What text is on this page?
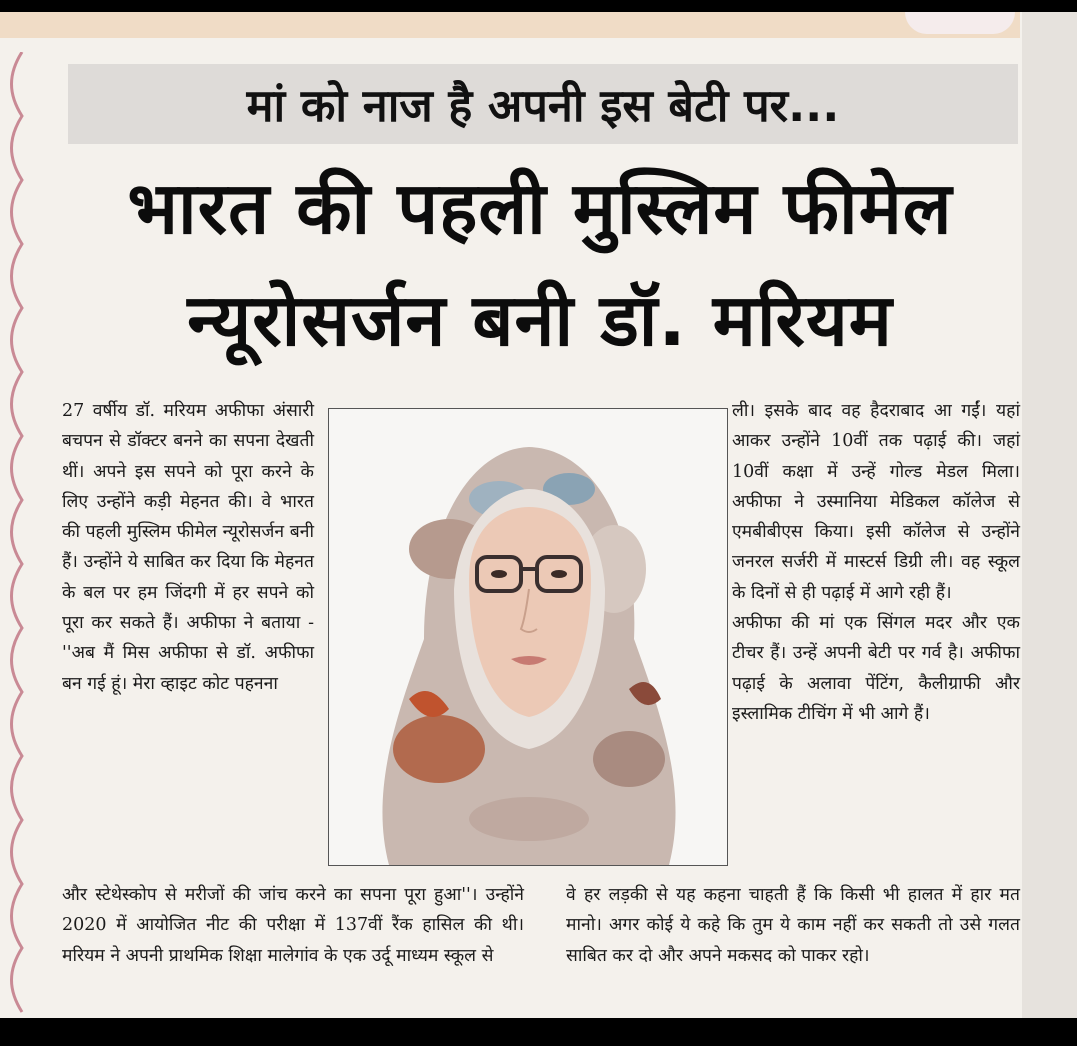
मां को नाज है अपनी इस बेटी पर...
भारत की पहली मुस्लिम फीमेल
न्यूरोसर्जन बनी डॉ. मरियम
27 वर्षीय डॉ. मरियम अफीफा अंसारी बचपन से डॉक्टर बनने का सपना देखती थीं। अपने इस सपने को पूरा करने के लिए उन्होंने कड़ी मेहनत की। वे भारत की पहली मुस्लिम फीमेल न्यूरोसर्जन बनी हैं। उन्होंने ये साबित कर दिया कि मेहनत के बल पर हम जिंदगी में हर सपने को पूरा कर सकते हैं। अफीफा ने बताया - ''अब मैं मिस अफीफा से डॉ. अफीफा बन गई हूं। मेरा व्हाइट कोट पहनना
ली। इसके बाद वह हैदराबाद आ गईं। यहां आकर उन्होंने 10वीं तक पढ़ाई की। जहां 10वीं कक्षा में उन्हें गोल्ड मेडल मिला। अफीफा ने उस्मानिया मेडिकल कॉलेज से एमबीबीएस किया। इसी कॉलेज से उन्होंने जनरल सर्जरी में मास्टर्स डिग्री ली। वह स्कूल के दिनों से ही पढ़ाई में आगे रही हैं।
अफीफा की मां एक सिंगल मदर और एक टीचर हैं। उन्हें अपनी बेटी पर गर्व है। अफीफा पढ़ाई के अलावा पेंटिंग, कैलीग्राफी और इस्लामिक टीचिंग में भी आगे हैं।
और स्टेथेस्कोप से मरीजों की जांच करने का सपना पूरा हुआ''। उन्होंने 2020 में आयोजित नीट की परीक्षा में 137वीं रैंक हासिल की थी। मरियम ने अपनी प्राथमिक शिक्षा मालेगांव के एक उर्दू माध्यम स्कूल से
वे हर लड़की से यह कहना चाहती हैं कि किसी भी हालत में हार मत मानो। अगर कोई ये कहे कि तुम ये काम नहीं कर सकती तो उसे गलत साबित कर दो और अपने मकसद को पाकर रहो।
